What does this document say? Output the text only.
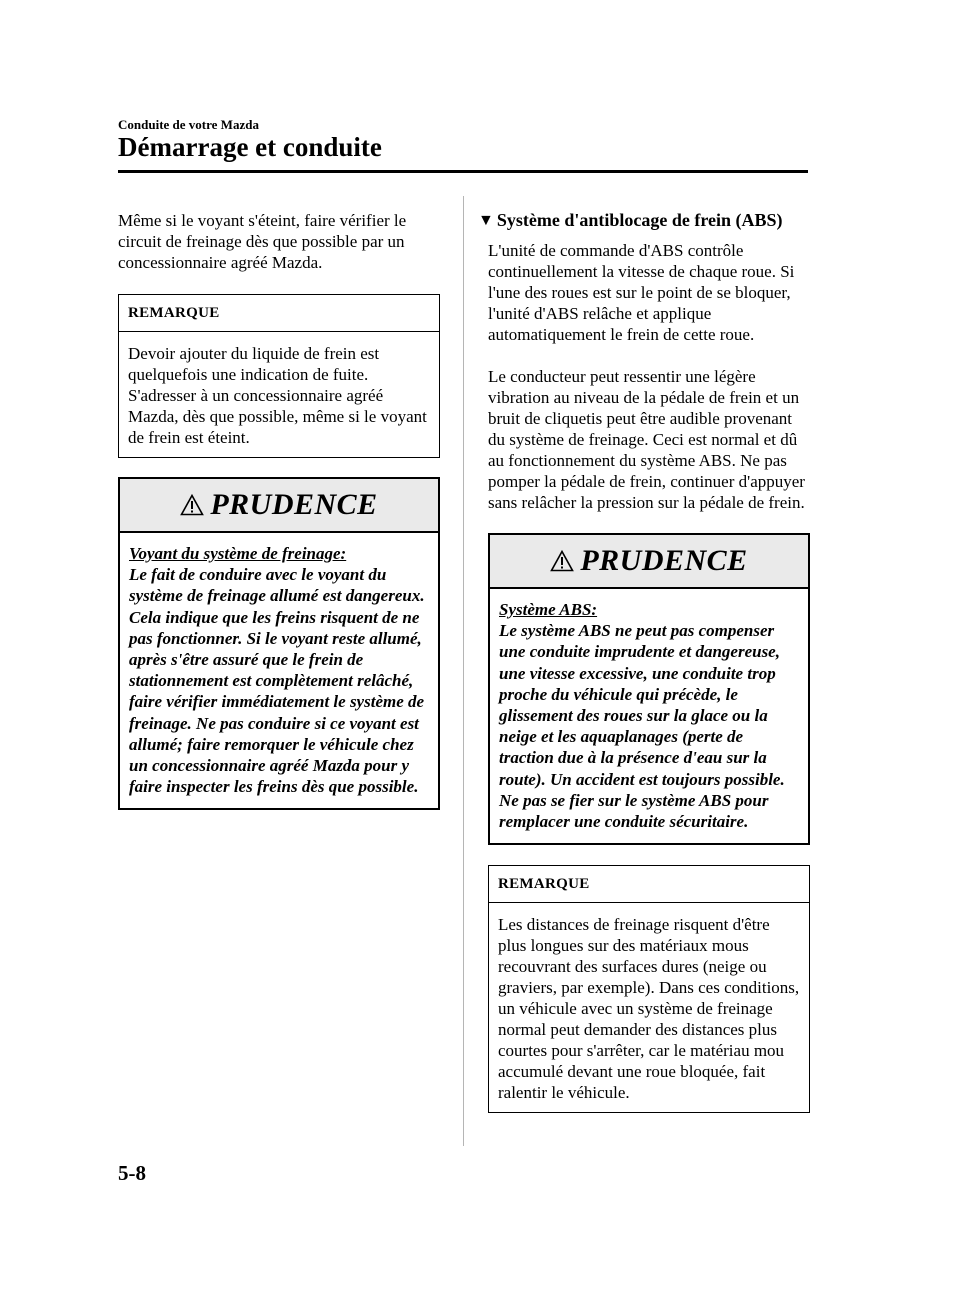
Conduite de votre Mazda
Démarrage et conduite

Même si le voyant s'éteint, faire vérifier le circuit de freinage dès que possible par un concessionnaire agréé Mazda.

REMARQUE
Devoir ajouter du liquide de frein est quelquefois une indication de fuite. S'adresser à un concessionnaire agréé Mazda, dès que possible, même si le voyant de frein est éteint.
PRUDENCE
Voyant du système de freinage:
Le fait de conduire avec le voyant du système de freinage allumé est dangereux. Cela indique que les freins risquent de ne pas fonctionner. Si le voyant reste allumé, après s'être assuré que le frein de stationnement est complètement relâché, faire vérifier immédiatement le système de freinage. Ne pas conduire si ce voyant est allumé; faire remorquer le véhicule chez un concessionnaire agréé Mazda pour y faire inspecter les freins dès que possible.
▼ Système d'antiblocage de frein (ABS)

L'unité de commande d'ABS contrôle continuellement la vitesse de chaque roue. Si l'une des roues est sur le point de se bloquer, l'unité d'ABS relâche et applique automatiquement le frein de cette roue.

Le conducteur peut ressentir une légère vibration au niveau de la pédale de frein et un bruit de cliquetis peut être audible provenant du système de freinage. Ceci est normal et dû au fonctionnement du système ABS. Ne pas pomper la pédale de frein, continuer d'appuyer sans relâcher la pression sur la pédale de frein.

PRUDENCE
Système ABS:
Le système ABS ne peut pas compenser une conduite imprudente et dangereuse, une vitesse excessive, une conduite trop proche du véhicule qui précède, le glissement des roues sur la glace ou la neige et les aquaplanages (perte de traction due à la présence d'eau sur la route). Un accident est toujours possible. Ne pas se fier sur le système ABS pour remplacer une conduite sécuritaire.
REMARQUE
Les distances de freinage risquent d'être plus longues sur des matériaux mous recouvrant des surfaces dures (neige ou graviers, par exemple). Dans ces conditions, un véhicule avec un système de freinage normal peut demander des distances plus courtes pour s'arrêter, car le matériau mou accumulé devant une roue bloquée, fait ralentir le véhicule.
5-8
